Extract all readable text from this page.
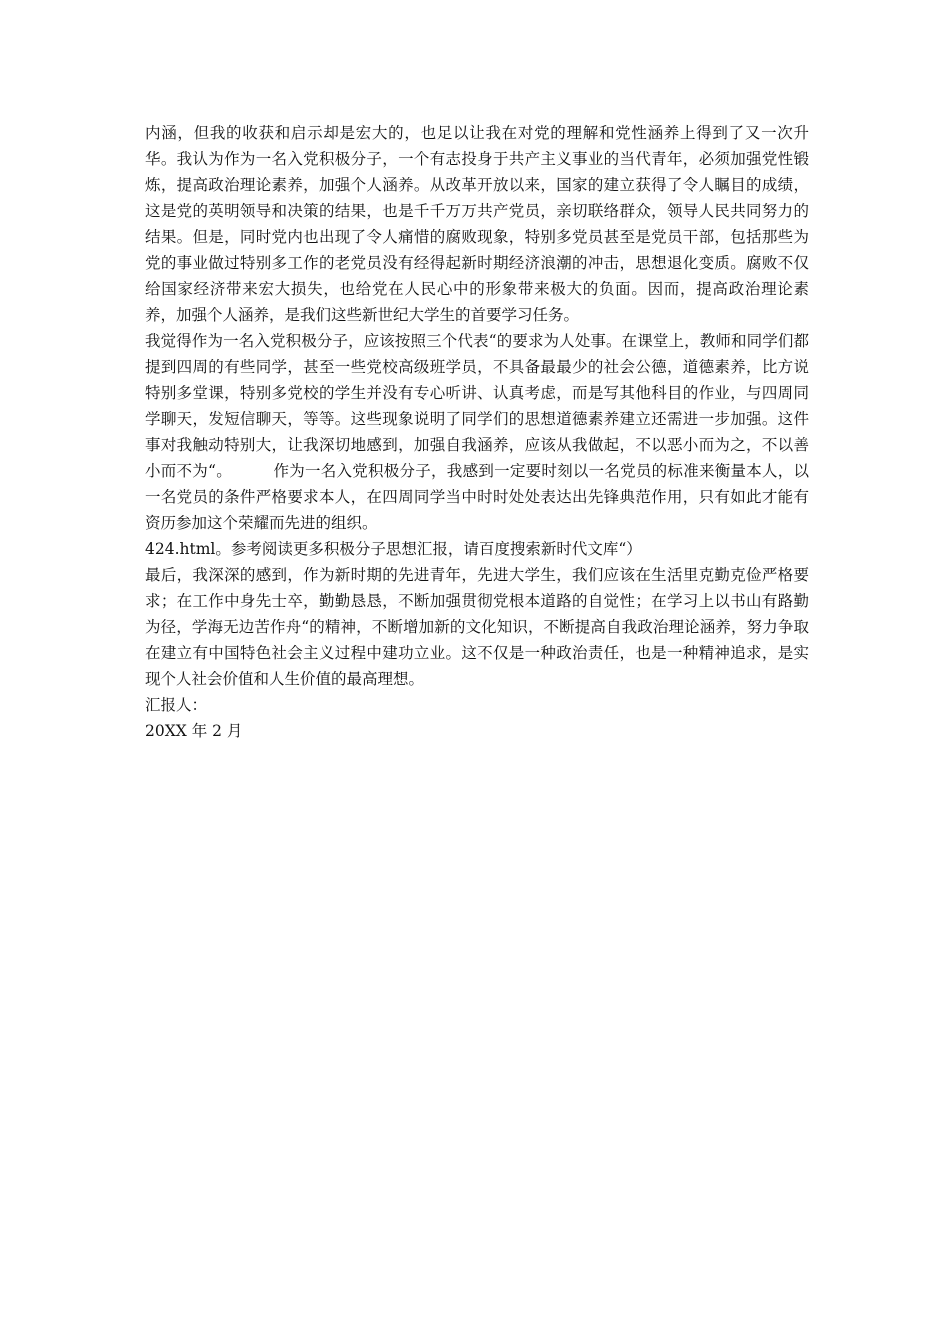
内涵，但我的收获和启示却是宏大的，也足以让我在对党的理解和党性涵养上得到了又一次升华。我认为作为一名入党积极分子，一个有志投身于共产主义事业的当代青年，必须加强党性锻炼，提高政治理论素养，加强个人涵养。从改革开放以来，国家的建立获得了令人瞩目的成绩，这是党的英明领导和决策的结果，也是千千万万共产党员，亲切联络群众，领导人民共同努力的结果。但是，同时党内也出现了令人痛惜的腐败现象，特别多党员甚至是党员干部，包括那些为党的事业做过特别多工作的老党员没有经得起新时期经济浪潮的冲击，思想退化变质。腐败不仅给国家经济带来宏大损失，也给党在人民心中的形象带来极大的负面。因而，提高政治理论素养，加强个人涵养，是我们这些新世纪大学生的首要学习任务。

我觉得作为一名入党积极分子，应该按照三个代表“的要求为人处事。在课堂上，教师和同学们都提到四周的有些同学，甚至一些党校高级班学员，不具备最最少的社会公德，道德素养，比方说特别多堂课，特别多党校的学生并没有专心听讲、认真考虑，而是写其他科目的作业，与四周同学聊天，发短信聊天，等等。这些现象说明了同学们的思想道德素养建立还需进一步加强。这件事对我触动特别大，让我深切地感到，加强自我涵养，应该从我做起，不以恶小而为之，不以善小而不为“。        作为一名入党积极分子，我感到一定要时刻以一名党员的标准来衡量本人，以一名党员的条件严格要求本人，在四周同学当中时时处处表达出先锋典范作用，只有如此才能有资历参加这个荣耀而先进的组织。

424.html。参考阅读更多积极分子思想汇报，请百度搜索新时代文库“）

最后，我深深的感到，作为新时期的先进青年，先进大学生，我们应该在生活里克勤克俭严格要求；在工作中身先士卒，勤勤恳恳，不断加强贯彻党根本道路的自觉性；在学习上以书山有路勤为径，学海无边苦作舟“的精神，不断增加新的文化知识，不断提高自我政治理论涵养，努力争取在建立有中国特色社会主义过程中建功立业。这不仅是一种政治责任，也是一种精神追求，是实现个人社会价值和人生价值的最高理想。

汇报人：

20XX 年 2 月
